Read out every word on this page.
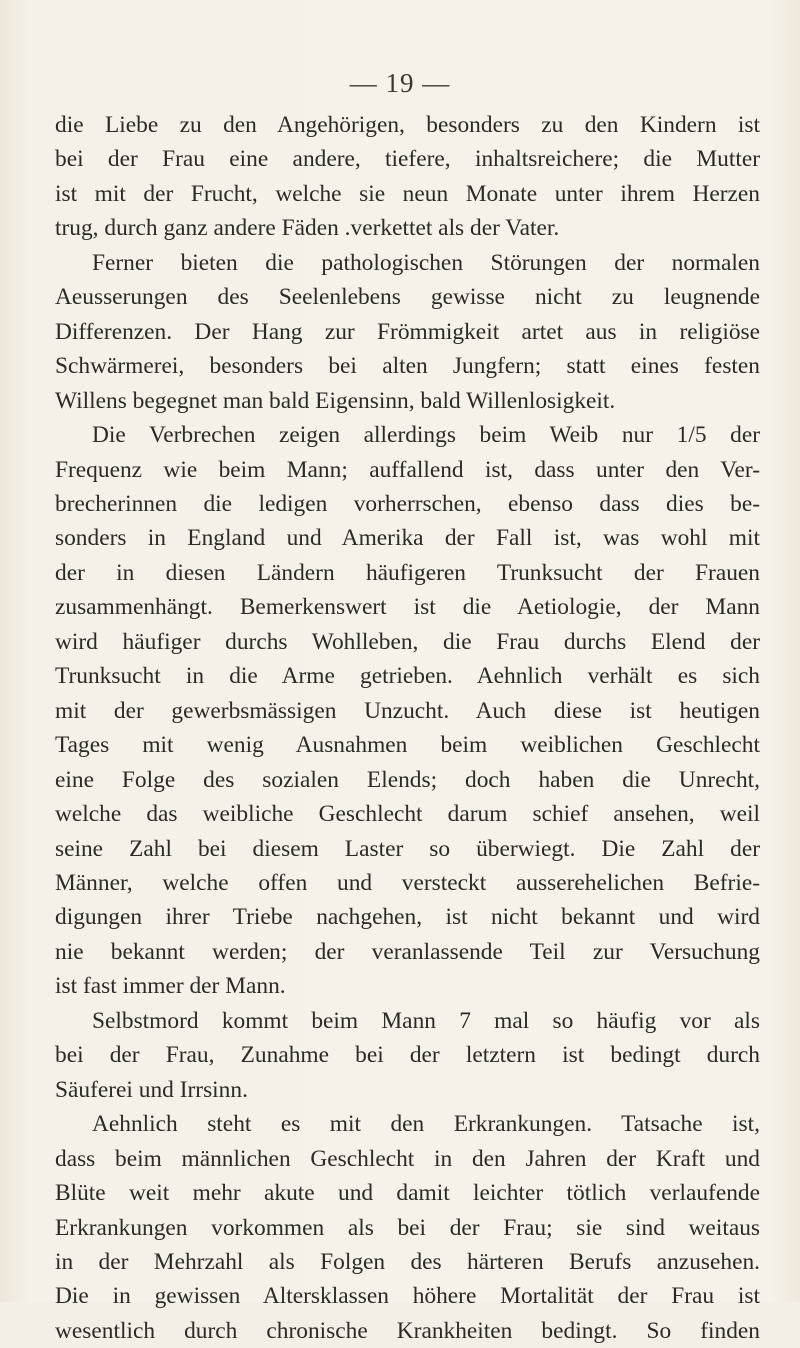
— 19 —
die Liebe zu den Angehörigen, besonders zu den Kindern ist
bei der Frau eine andere, tiefere, inhaltsreichere; die Mutter
ist mit der Frucht, welche sie neun Monate unter ihrem Herzen
trug, durch ganz andere Fäden .verkettet als der Vater.
Ferner bieten die pathologischen Störungen der normalen
Aeusserungen des Seelenlebens gewisse nicht zu leugnende
Differenzen. Der Hang zur Frömmigkeit artet aus in religiöse
Schwärmerei, besonders bei alten Jungfern; statt eines festen
Willens begegnet man bald Eigensinn, bald Willenlosigkeit.
Die Verbrechen zeigen allerdings beim Weib nur 1/5 der
Frequenz wie beim Mann; auffallend ist, dass unter den Ver-
brecherinnen die ledigen vorherrschen, ebenso dass dies be-
sonders in England und Amerika der Fall ist, was wohl mit
der in diesen Ländern häufigeren Trunksucht der Frauen
zusammenhängt. Bemerkenswert ist die Aetiologie, der Mann
wird häufiger durchs Wohlleben, die Frau durchs Elend der
Trunksucht in die Arme getrieben. Aehnlich verhält es sich
mit der gewerbsmässigen Unzucht. Auch diese ist heutigen
Tages mit wenig Ausnahmen beim weiblichen Geschlecht
eine Folge des sozialen Elends; doch haben die Unrecht,
welche das weibliche Geschlecht darum schief ansehen, weil
seine Zahl bei diesem Laster so überwiegt. Die Zahl der
Männer, welche offen und versteckt ausserehelichen Befrie-
digungen ihrer Triebe nachgehen, ist nicht bekannt und wird
nie bekannt werden; der veranlassende Teil zur Versuchung
ist fast immer der Mann.
Selbstmord kommt beim Mann 7 mal so häufig vor als
bei der Frau, Zunahme bei der letztern ist bedingt durch
Säuferei und Irrsinn.
Aehnlich steht es mit den Erkrankungen. Tatsache ist,
dass beim männlichen Geschlecht in den Jahren der Kraft und
Blüte weit mehr akute und damit leichter tötlich verlaufende
Erkrankungen vorkommen als bei der Frau; sie sind weitaus
in der Mehrzahl als Folgen des härteren Berufs anzusehen.
Die in gewissen Altersklassen höhere Mortalität der Frau ist
wesentlich durch chronische Krankheiten bedingt. So finden
